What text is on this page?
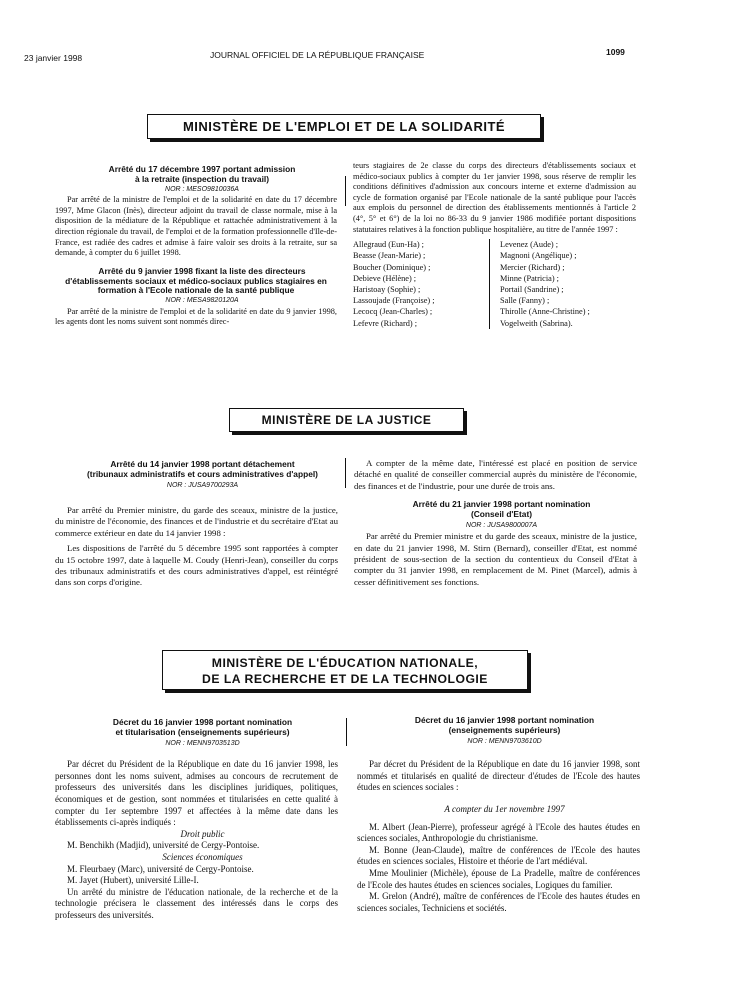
23 janvier 1998	JOURNAL OFFICIEL DE LA RÉPUBLIQUE FRANÇAISE	1099
MINISTÈRE DE L'EMPLOI ET DE LA SOLIDARITÉ

Arrêté du 17 décembre 1997 portant admission

à la retraite (inspection du travail)

NOR : MESO9810036A

Par arrêté de la ministre de l'emploi et de la solidarité en date du 17 décembre 1997, Mme Glacon (Inès), directeur adjoint du travail de classe normale, mise à la disposition de la médiature de la République et rattachée administrativement à la direction régionale du travail, de l'emploi et de la formation professionnelle d'Ile-de-France, est radiée des cadres et admise à faire valoir ses droits à la retraite, sur sa demande, à compter du 6 juillet 1998.

Arrêté du 9 janvier 1998 fixant la liste des directeurs d'établissements sociaux et médico-sociaux publics stagiaires en formation à l'Ecole nationale de la santé publique

NOR : MESA9820120A

Par arrêté de la ministre de l'emploi et de la solidarité en date du 9 janvier 1998, les agents dont les noms suivent sont nommés direc-

teurs stagiaires de 2e classe du corps des directeurs d'établissements sociaux et médico-sociaux publics à compter du 1er janvier 1998, sous réserve de remplir les conditions définitives d'admission aux concours interne et externe d'admission au cycle de formation organisé par l'Ecole nationale de la santé publique pour l'accès aux emplois du personnel de direction des établissements mentionnés à l'article 2 (4°, 5° et 6°) de la loi no 86-33 du 9 janvier 1986 modifiée portant dispositions statutaires relatives à la fonction publique hospitalière, au titre de l'année 1997 :

Allegraud (Eun-Ha) ;
Beasse (Jean-Marie) ;
Boucher (Dominique) ;
Debieve (Hélène) ;
Haristoay (Sophie) ;
Lassoujade (Françoise) ;
Lecocq (Jean-Charles) ;
Lefevre (Richard) ;
Levenez (Aude) ;
Magnoni (Angélique) ;
Mercier (Richard) ;
Minne (Patricia) ;
Portail (Sandrine) ;
Salle (Fanny) ;
Thirolle (Anne-Christine) ;
Vogelweith (Sabrina).
MINISTÈRE DE LA JUSTICE

Arrêté du 14 janvier 1998 portant détachement

(tribunaux administratifs et cours administratives d'appel)

NOR : JUSA9700293A

Par arrêté du Premier ministre, du garde des sceaux, ministre de la justice, du ministre de l'économie, des finances et de l'industrie et du secrétaire d'Etat au commerce extérieur en date du 14 janvier 1998 :

Les dispositions de l'arrêté du 5 décembre 1995 sont rapportées à compter du 15 octobre 1997, date à laquelle M. Coudy (Henri-Jean), conseiller du corps des tribunaux administratifs et des cours administratives d'appel, est réintégré dans son corps d'origine.

A compter de la même date, l'intéressé est placé en position de service détaché en qualité de conseiller commercial auprès du ministère de l'économie, des finances et de l'industrie, pour une durée de trois ans.

Arrêté du 21 janvier 1998 portant nomination

(Conseil d'Etat)

NOR : JUSA9800007A

Par arrêté du Premier ministre et du garde des sceaux, ministre de la justice, en date du 21 janvier 1998, M. Stirn (Bernard), conseiller d'Etat, est nommé président de sous-section de la section du contentieux du Conseil d'Etat à compter du 31 janvier 1998, en remplacement de M. Pinet (Marcel), admis à cesser définitivement ses fonctions.

MINISTÈRE DE L'ÉDUCATION NATIONALE,
DE LA RECHERCHE ET DE LA TECHNOLOGIE

Décret du 16 janvier 1998 portant nomination

et titularisation (enseignements supérieurs)

NOR : MENN9703513D

Par décret du Président de la République en date du 16 janvier 1998, les personnes dont les noms suivent, admises au concours de recrutement de professeurs des universités dans les disciplines juridiques, politiques, économiques et de gestion, sont nommées et titularisées en cette qualité à compter du 1er septembre 1997 et affectées à la même date dans les établissements ci-après indiqués :

Droit public

M. Benchikh (Madjid), université de Cergy-Pontoise.

Sciences économiques

M. Fleurbaey (Marc), université de Cergy-Pontoise.

M. Jayet (Hubert), université Lille-I.

Un arrêté du ministre de l'éducation nationale, de la recherche et de la technologie précisera le classement des intéressés dans le corps des professeurs des universités.

Décret du 16 janvier 1998 portant nomination

(enseignements supérieurs)

NOR : MENN9703610D

Par décret du Président de la République en date du 16 janvier 1998, sont nommés et titularisés en qualité de directeur d'études de l'Ecole des hautes études en sciences sociales :

A compter du 1er novembre 1997

M. Albert (Jean-Pierre), professeur agrégé à l'Ecole des hautes études en sciences sociales, Anthropologie du christianisme.

M. Bonne (Jean-Claude), maître de conférences de l'Ecole des hautes études en sciences sociales, Histoire et théorie de l'art médiéval.

Mme Moulinier (Michèle), épouse de La Pradelle, maître de conférences de l'Ecole des hautes études en sciences sociales, Logiques du familier.

M. Grelon (André), maître de conférences de l'Ecole des hautes études en sciences sociales, Techniciens et sociétés.
